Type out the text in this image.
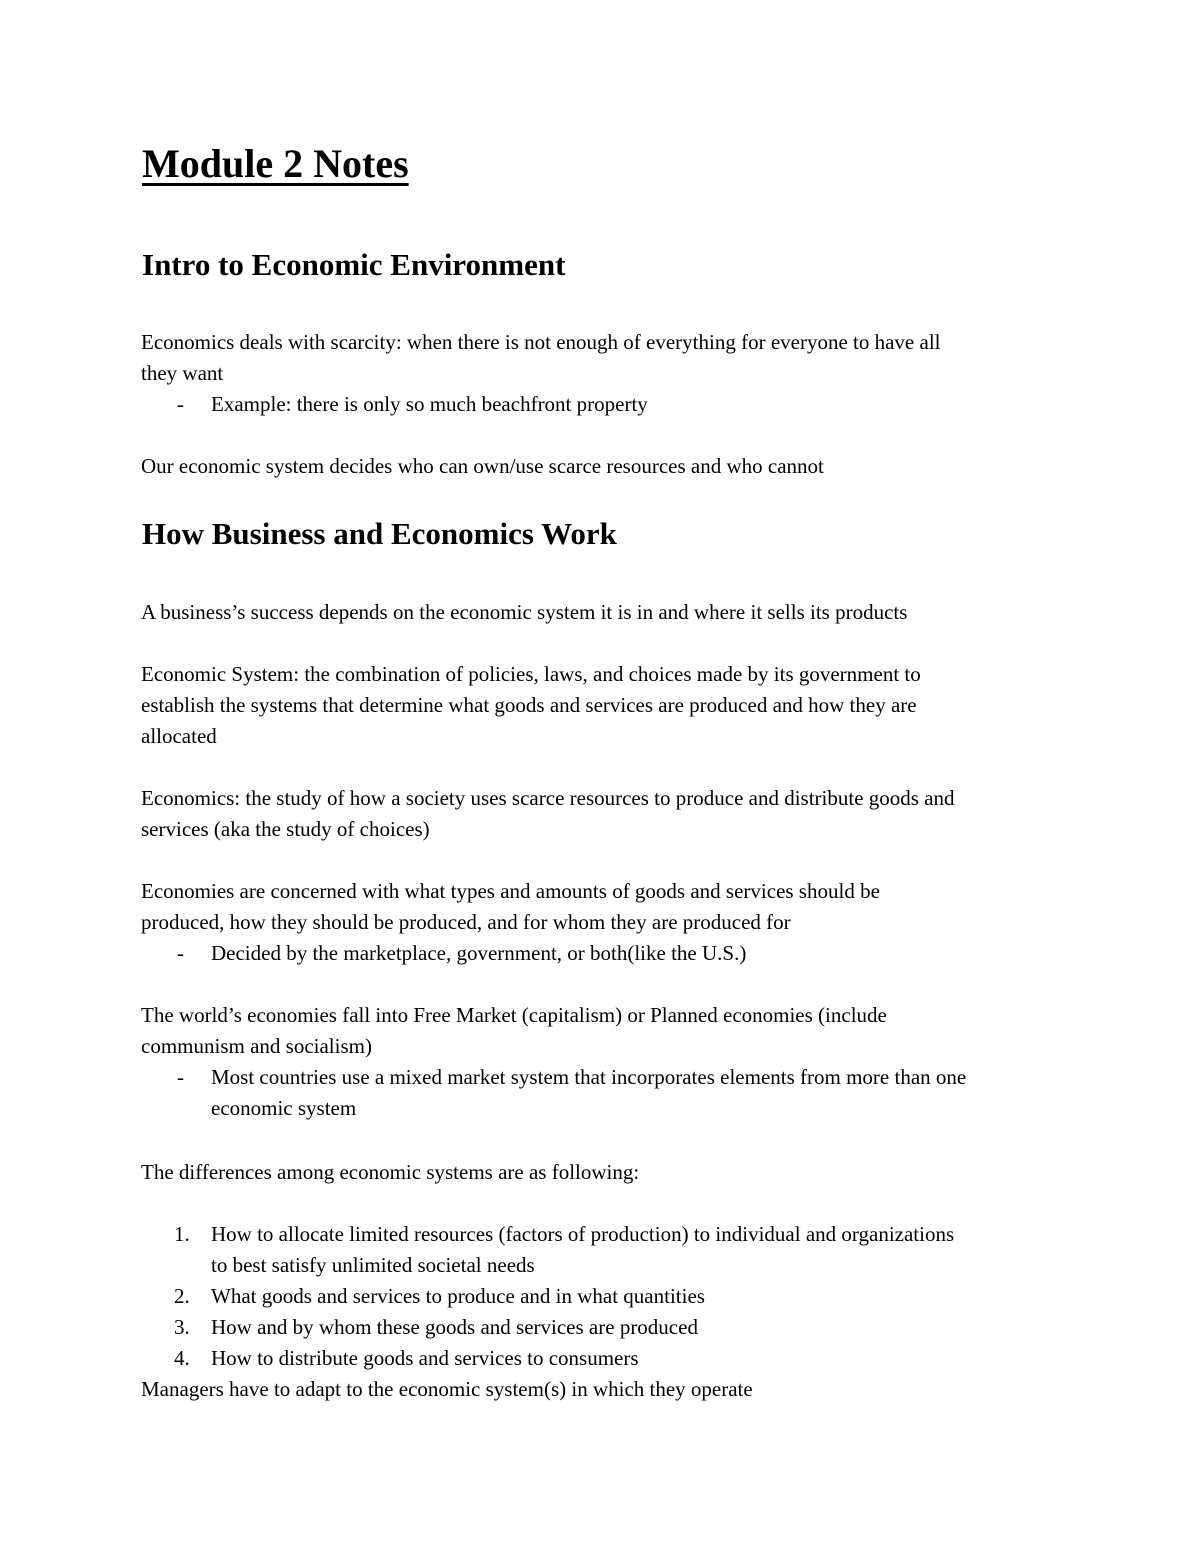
Module 2 Notes
Intro to Economic Environment

Economics deals with scarcity: when there is not enough of everything for everyone to have all

they want

- Example: there is only so much beachfront property

Our economic system decides who can own/use scarce resources and who cannot

How Business and Economics Work

A business’s success depends on the economic system it is in and where it sells its products

Economic System: the combination of policies, laws, and choices made by its government to

establish the systems that determine what goods and services are produced and how they are

allocated

Economics: the study of how a society uses scarce resources to produce and distribute goods and

services (aka the study of choices)

Economies are concerned with what types and amounts of goods and services should be

produced, how they should be produced, and for whom they are produced for

- Decided by the marketplace, government, or both(like the U.S.)

The world’s economies fall into Free Market (capitalism) or Planned economies (include

communism and socialism)

- Most countries use a mixed market system that incorporates elements from more than one
economic system

The differences among economic systems are as following:

1. How to allocate limited resources (factors of production) to individual and organizations
to best satisfy unlimited societal needs
2. What goods and services to produce and in what quantities
3. How and by whom these goods and services are produced
4. How to distribute goods and services to consumers

Managers have to adapt to the economic system(s) in which they operate
